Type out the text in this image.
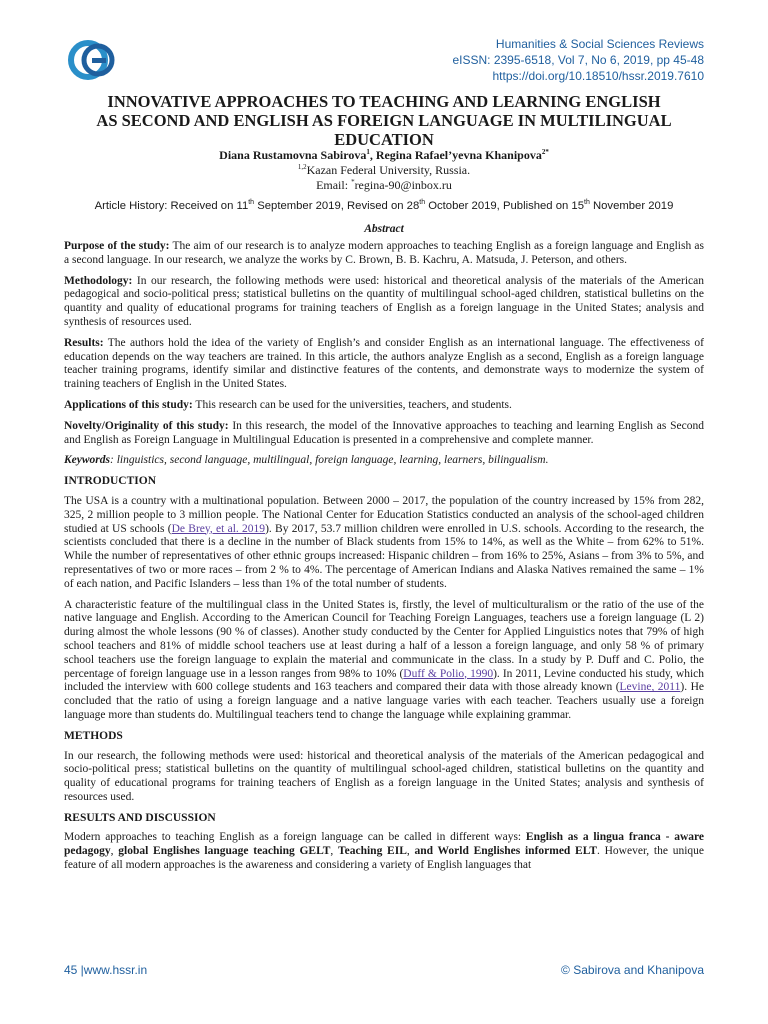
Humanities & Social Sciences Reviews
eISSN: 2395-6518, Vol 7, No 6, 2019, pp 45-48
https://doi.org/10.18510/hssr.2019.7610
INNOVATIVE APPROACHES TO TEACHING AND LEARNING ENGLISH
AS SECOND AND ENGLISH AS FOREIGN LANGUAGE IN MULTILINGUAL
EDUCATION
Diana Rustamovna Sabirova$^1$, Regina Rafael’yevna Khanipova$^{2*}$
$^{1,2}$Kazan Federal University, Russia.
Email: *regina-90@inbox.ru
Article History: Received on 11th September 2019, Revised on 28th October 2019, Published on 15th November 2019
Abstract

Purpose of the study: The aim of our research is to analyze modern approaches to teaching English as a foreign language and English as a second language. In our research, we analyze the works by C. Brown, B. B. Kachru, A. Matsuda, J. Peterson, and others.

Methodology: In our research, the following methods were used: historical and theoretical analysis of the materials of the American pedagogical and socio-political press; statistical bulletins on the quantity of multilingual school-aged children, statistical bulletins on the quantity and quality of educational programs for training teachers of English as a foreign language in the United States; analysis and synthesis of resources used.

Results: The authors hold the idea of the variety of English’s and consider English as an international language. The effectiveness of education depends on the way teachers are trained. In this article, the authors analyze English as a second, English as a foreign language teacher training programs, identify similar and distinctive features of the contents, and demonstrate ways to modernize the system of training teachers of English in the United States.

Applications of this study: This research can be used for the universities, teachers, and students.

Novelty/Originality of this study: In this research, the model of the Innovative approaches to teaching and learning English as Second and English as Foreign Language in Multilingual Education is presented in a comprehensive and complete manner.

Keywords: linguistics, second language, multilingual, foreign language, learning, learners, bilingualism.

INTRODUCTION

The USA is a country with a multinational population. Between 2000 – 2017, the population of the country increased by 15% from 282, 325, 2 million people to 3 million people. The National Center for Education Statistics conducted an analysis of the school-aged children studied at US schools (De Brey, et al. 2019). By 2017, 53.7 million children were enrolled in U.S. schools. According to the research, the scientists concluded that there is a decline in the number of Black students from 15% to 14%, as well as the White – from 62% to 51%. While the number of representatives of other ethnic groups increased: Hispanic children – from 16% to 25%, Asians – from 3% to 5%, and representatives of two or more races – from 2 % to 4%. The percentage of American Indians and Alaska Natives remained the same – 1% of each nation, and Pacific Islanders – less than 1% of the total number of students.

A characteristic feature of the multilingual class in the United States is, firstly, the level of multiculturalism or the ratio of the use of the native language and English. According to the American Council for Teaching Foreign Languages, teachers use a foreign language (L 2) during almost the whole lessons (90 % of classes). Another study conducted by the Center for Applied Linguistics notes that 79% of high school teachers and 81% of middle school teachers use at least during a half of a lesson a foreign language, and only 58 % of primary school teachers use the foreign language to explain the material and communicate in the class. In a study by P. Duff and C. Polio, the percentage of foreign language use in a lesson ranges from 98% to 10% (Duff & Polio, 1990). In 2011, Levine conducted his study, which included the interview with 600 college students and 163 teachers and compared their data with those already known (Levine, 2011). He concluded that the ratio of using a foreign language and a native language varies with each teacher. Teachers usually use a foreign language more than students do. Multilingual teachers tend to change the language while explaining grammar.

METHODS

In our research, the following methods were used: historical and theoretical analysis of the materials of the American pedagogical and socio-political press; statistical bulletins on the quantity of multilingual school-aged children, statistical bulletins on the quantity and quality of educational programs for training teachers of English as a foreign language in the United States; analysis and synthesis of resources used.

RESULTS AND DISCUSSION

Modern approaches to teaching English as a foreign language can be called in different ways: English as a lingua franca - aware pedagogy, global Englishes language teaching GELT, Teaching EIL, and World Englishes informed ELT. However, the unique feature of all modern approaches is the awareness and considering a variety of English languages that

45 |www.hssr.in	© Sabirova and Khanipova
